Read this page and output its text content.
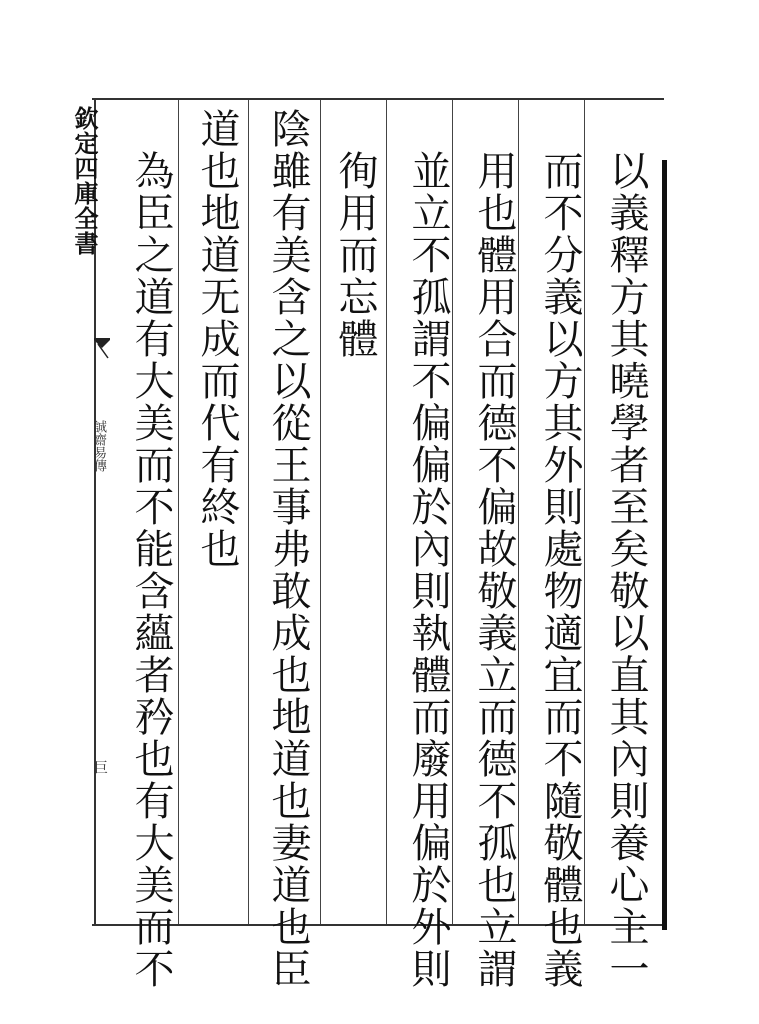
欽定四庫全書
誠齋易傳
巨	以義釋方其曉學者至矣敬以直其內則養心主一
而不分義以方其外則處物適宜而不隨敬體也義
用也體用合而德不偏故敬義立而德不孤也立謂
並立不孤謂不偏偏於內則執體而廢用偏於外則
徇用而忘體
陰雖有美含之以從王事弗敢成也地道也妻道也臣
道也地道无成而代有終也
為臣之道有大美而不能含蘊者矜也有大美而不
